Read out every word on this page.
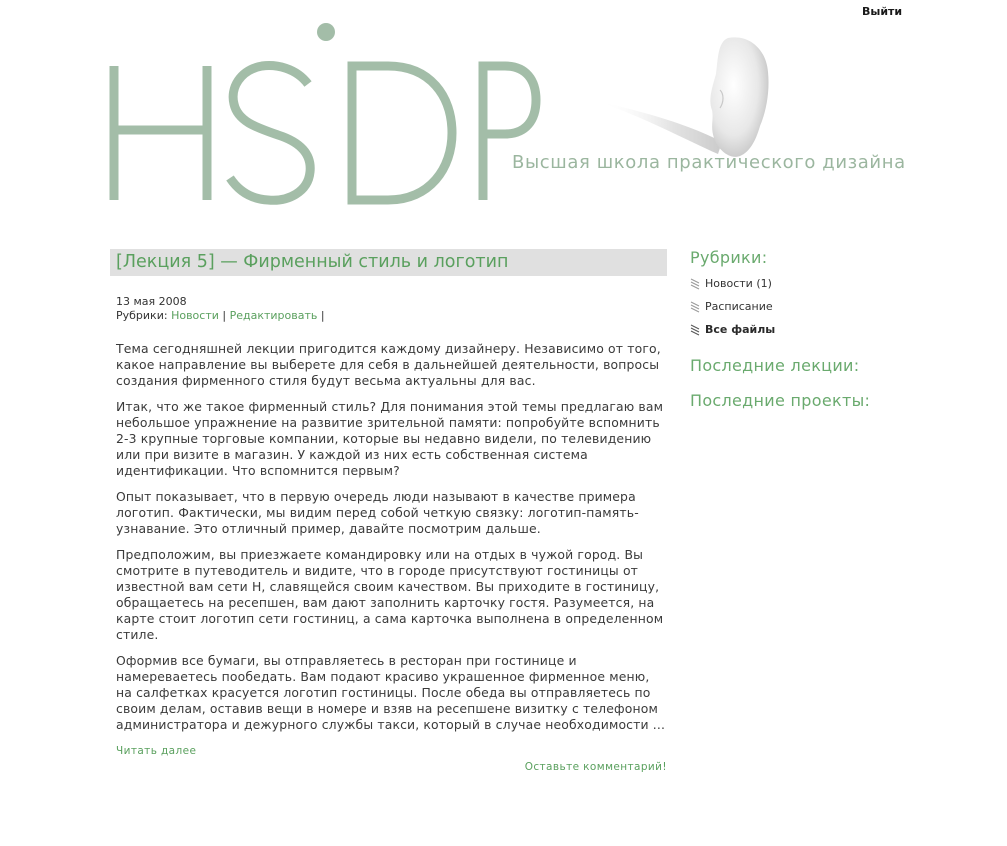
Выйти
Высшая школа практического дизайна
[Лекция 5] — Фирменный стиль и логотип
13 мая 2008
Рубрики: Новости | Редактировать |

Тема сегодняшней лекции пригодится каждому дизайнеру. Независимо от того, какое направление вы выберете для себя в дальнейшей деятельности, вопросы создания фирменного стиля будут весьма актуальны для вас.

Итак, что же такое фирменный стиль? Для понимания этой темы предлагаю вам небольшое упражнение на развитие зрительной памяти: попробуйте вспомнить 2-3 крупные торговые компании, которые вы недавно видели, по телевидению или при визите в магазин. У каждой из них есть собственная система идентификации. Что вспомнится первым?

Опыт показывает, что в первую очередь люди называют в качестве примера логотип. Фактически, мы видим перед собой четкую связку: логотип-память-узнавание. Это отличный пример, давайте посмотрим дальше.

Предположим, вы приезжаете командировку или на отдых в чужой город. Вы смотрите в путеводитель и видите, что в городе присутствуют гостиницы от известной вам сети Н, славящейся своим качеством. Вы приходите в гостиницу, обращаетесь на ресепшен, вам дают заполнить карточку гостя. Разумеется, на карте стоит логотип сети гостиниц, а сама карточка выполнена в определенном стиле.

Оформив все бумаги, вы отправляетесь в ресторан при гостинице и намереваетесь пообедать. Вам подают красиво украшенное фирменное меню, на салфетках красуется логотип гостиницы. После обеда вы отправляетесь по своим делам, оставив вещи в номере и взяв на ресепшене визитку с телефоном администратора и дежурного службы такси, который в случае необходимости ...

Читать далее
Оставьте комментарий!
Рубрики:
Новости (1)
Расписание
Все файлы
Последние лекции:
Последние проекты:
